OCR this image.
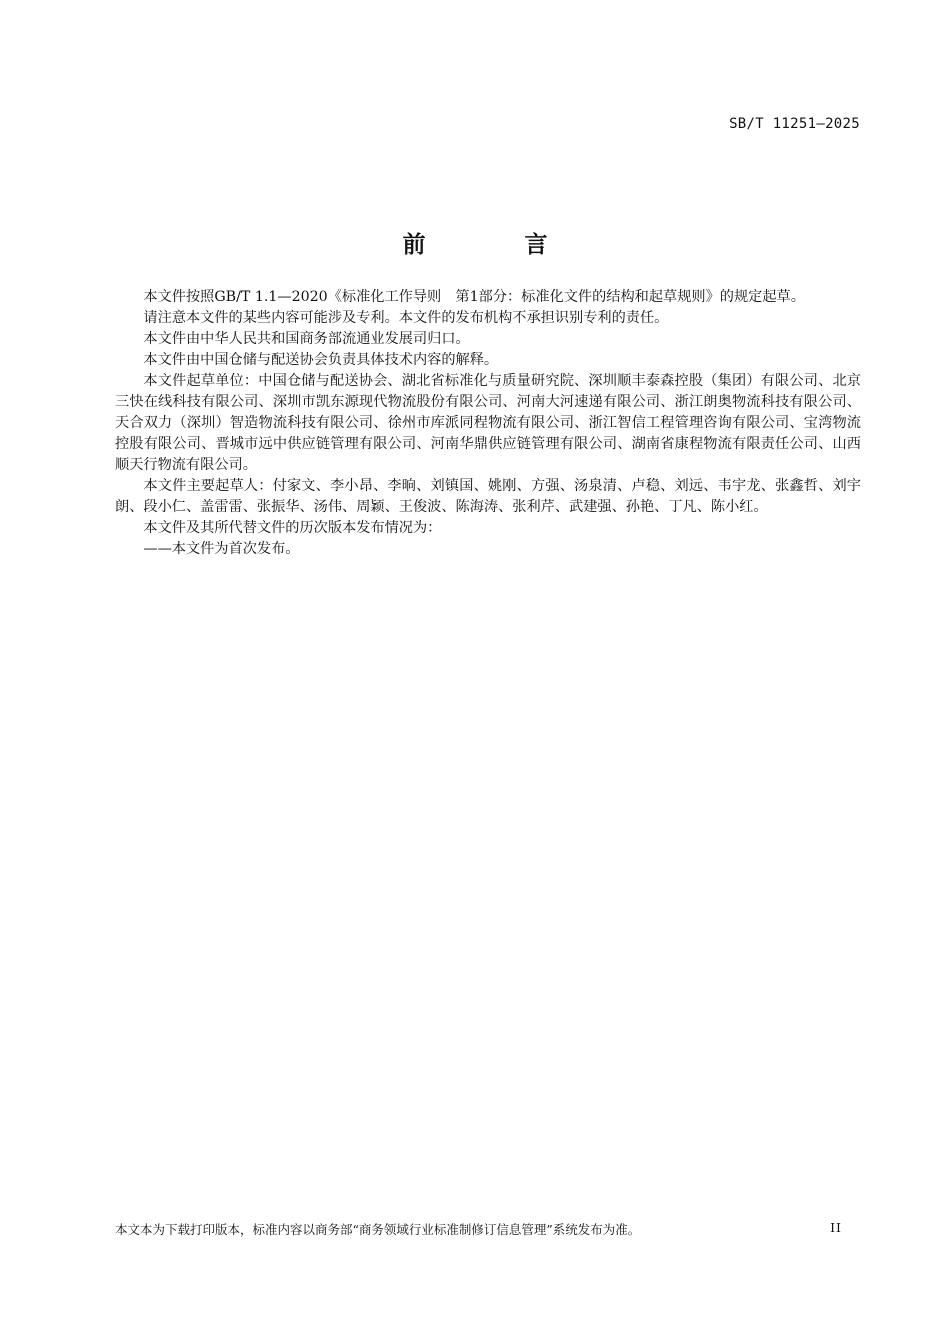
SB/T 11251—2025
前　言

本文件按照GB/T 1.1—2020《标准化工作导则　第1部分：标准化文件的结构和起草规则》的规定起草。

请注意本文件的某些内容可能涉及专利。本文件的发布机构不承担识别专利的责任。

本文件由中华人民共和国商务部流通业发展司归口。

本文件由中国仓储与配送协会负责具体技术内容的解释。

本文件起草单位：中国仓储与配送协会、湖北省标准化与质量研究院、深圳顺丰泰森控股（集团）有限公司、北京三快在线科技有限公司、深圳市凯东源现代物流股份有限公司、河南大河速递有限公司、浙江朗奥物流科技有限公司、天合双力（深圳）智造物流科技有限公司、徐州市库派同程物流有限公司、浙江智信工程管理咨询有限公司、宝湾物流控股有限公司、晋城市远中供应链管理有限公司、河南华鼎供应链管理有限公司、湖南省康程物流有限责任公司、山西顺天行物流有限公司。

本文件主要起草人：付家文、李小昂、李晌、刘镇国、姚刚、方强、汤泉清、卢稳、刘远、韦宇龙、张鑫哲、刘宇朗、段小仁、盖雷雷、张振华、汤伟、周颖、王俊波、陈海涛、张利芹、武建强、孙艳、丁凡、陈小红。

本文件及其所代替文件的历次版本发布情况为：

——本文件为首次发布。

本文本为下载打印版本，标准内容以商务部“商务领域行业标准制修订信息管理”系统发布为准。	II
